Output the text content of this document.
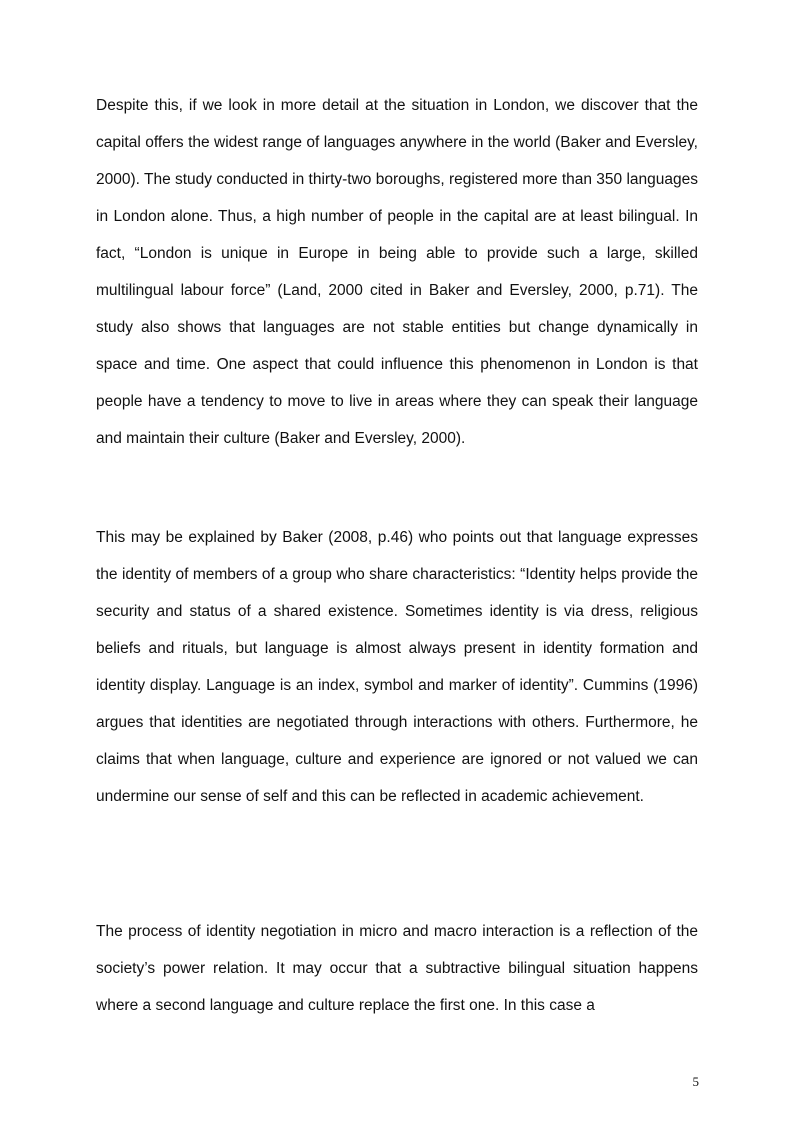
Despite this, if we look in more detail at the situation in London, we discover that the capital offers the widest range of languages anywhere in the world (Baker and Eversley, 2000). The study conducted in thirty-two boroughs, registered more than 350 languages in London alone. Thus, a high number of people in the capital are at least bilingual. In fact, “London is unique in Europe in being able to provide such a large, skilled multilingual labour force” (Land, 2000 cited in Baker and Eversley, 2000, p.71). The study also shows that languages are not stable entities but change dynamically in space and time. One aspect that could influence this phenomenon in London is that people have a tendency to move to live in areas where they can speak their language and maintain their culture (Baker and Eversley, 2000).

This may be explained by Baker (2008, p.46) who points out that language expresses the identity of members of a group who share characteristics: “Identity helps provide the security and status of a shared existence. Sometimes identity is via dress, religious beliefs and rituals, but language is almost always present in identity formation and identity display. Language is an index, symbol and marker of identity”. Cummins (1996) argues that identities are negotiated through interactions with others. Furthermore, he claims that when language, culture and experience are ignored or not valued we can undermine our sense of self and this can be reflected in academic achievement.

The process of identity negotiation in micro and macro interaction is a reflection of the society’s power relation. It may occur that a subtractive bilingual situation happens where a second language and culture replace the first one. In this case a

5
